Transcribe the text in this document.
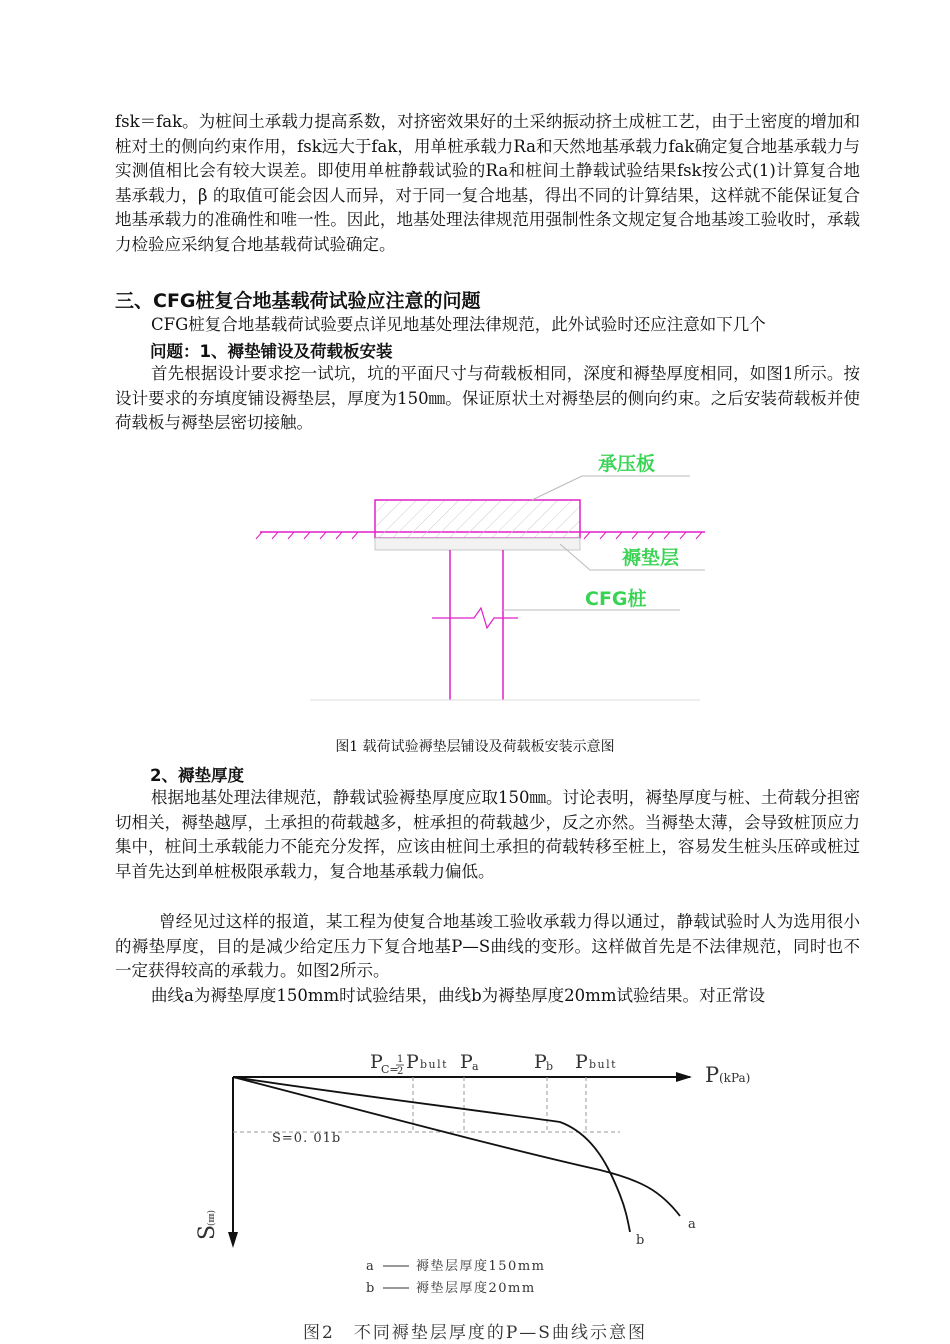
fsk＝fak。为桩间土承载力提高系数，对挤密效果好的土采纳振动挤土成桩工艺，由于土密度的增加和桩对土的侧向约束作用，fsk远大于fak，用单桩承载力Ra和天然地基承载力fak确定复合地基承载力与实测值相比会有较大误差。即使用单桩静载试验的Ra和桩间土静载试验结果fsk按公式(1)计算复合地基承载力，β 的取值可能会因人而异，对于同一复合地基，得出不同的计算结果，这样就不能保证复合地基承载力的准确性和唯一性。因此，地基处理法律规范用强制性条文规定复合地基竣工验收时，承载力检验应采纳复合地基载荷试验确定。

三、CFG桩复合地基载荷试验应注意的问题

CFG桩复合地基载荷试验要点详见地基处理法律规范，此外试验时还应注意如下几个

问题：1、褥垫铺设及荷载板安装

首先根据设计要求挖一试坑，坑的平面尺寸与荷载板相同，深度和褥垫厚度相同，如图1所示。按设计要求的夯填度铺设褥垫层，厚度为150㎜。保证原状土对褥垫层的侧向约束。之后安装荷载板并使荷载板与褥垫层密切接触。

承压板
褥垫层
CFG桩

图1 载荷试验褥垫层铺设及荷载板安装示意图

2、褥垫厚度

根据地基处理法律规范，静载试验褥垫厚度应取150㎜。讨论表明，褥垫厚度与桩、土荷载分担密切相关，褥垫越厚，土承担的荷载越多，桩承担的荷载越少，反之亦然。当褥垫太薄，会导致桩顶应力集中，桩间土承载能力不能充分发挥，应该由桩间土承担的荷载转移至桩上，容易发生桩头压碎或桩过早首先达到单桩极限承载力，复合地基承载力偏低。

曾经见过这样的报道，某工程为使复合地基竣工验收承载力得以通过，静载试验时人为选用很小的褥垫厚度，目的是减少给定压力下复合地基P—S曲线的变形。这样做首先是不法律规范，同时也不一定获得较高的承载力。如图2所示。

曲线a为褥垫厚度150mm时试验结果，曲线b为褥垫厚度20mm试验结果。对正常设

P
C=
1
2 P bult P a	P b P bult	P (kPa)
S=0. 01b
S
(㎜)	a
b
a	褥垫层厚度150mm
b	褥垫层厚度20mm

图2　不同褥垫层厚度的P—S曲线示意图
